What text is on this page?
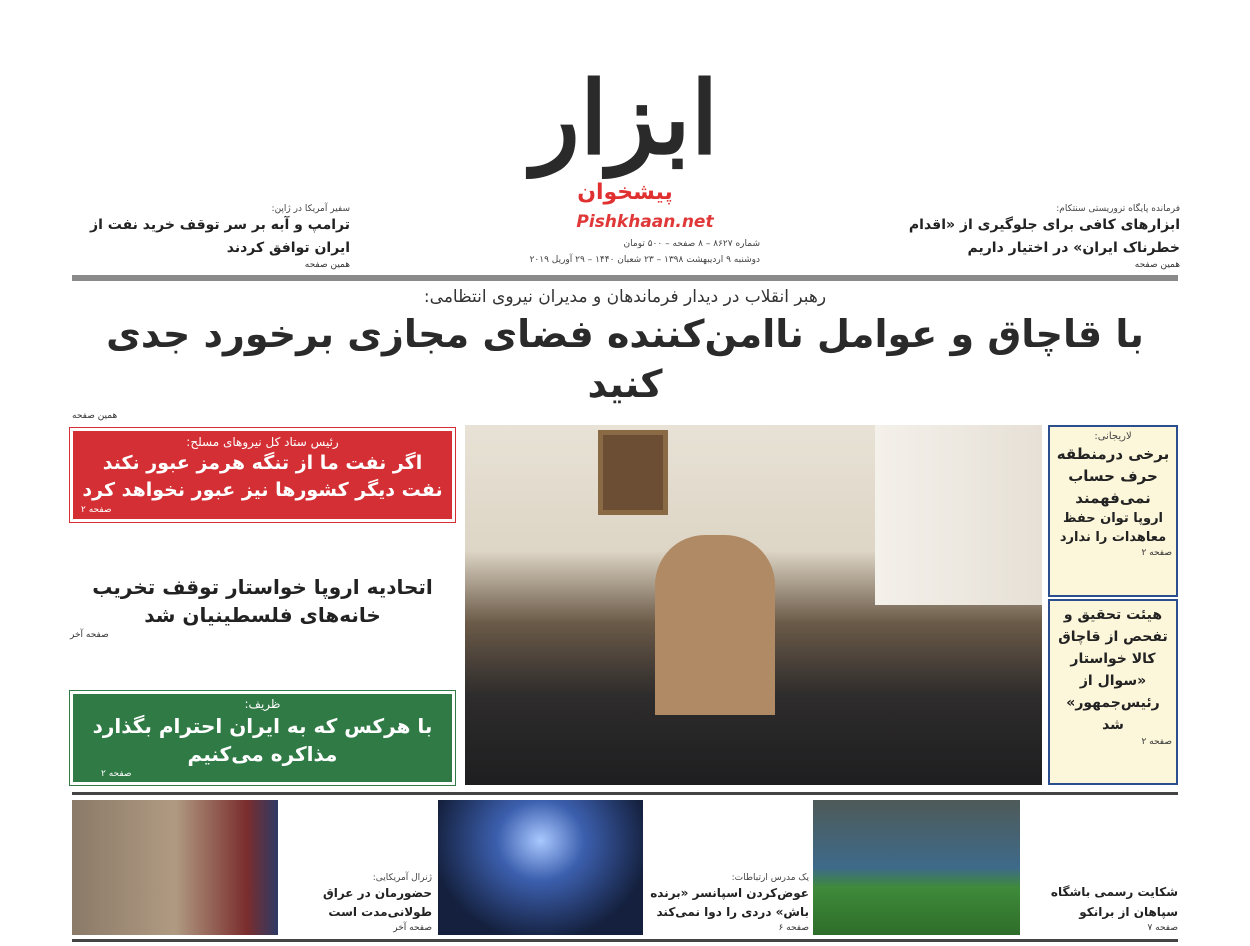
ابزار
پیشخوان
Pishkhaan.net
شماره ۸۶۲۷ – ۸ صفحه – ۵۰۰ تومان
دوشنبه ۹ اردیبهشت ۱۳۹۸ – ۲۳ شعبان ۱۴۴۰ – ۲۹ آوریل ۲۰۱۹
فرمانده پایگاه تروریستی سنتکام:
ابزارهای کافی برای جلوگیری از «اقدام خطرناک ایران» در اختیار داریم
همین صفحه
سفیر آمریکا در ژاپن:
ترامپ و آبه بر سر توقف خرید نفت از ایران توافق کردند
همین صفحه
رهبر انقلاب در دیدار فرماندهان و مدیران نیروی انتظامی:
با قاچاق و عوامل ناامن‌کننده فضای مجازی برخورد جدی کنید
همین صفحه
رئیس ستاد کل نیروهای مسلح:
اگر نفت ما از تنگه هرمز عبور نکند نفت دیگر کشورها نیز عبور نخواهد کرد
صفحه ۲
اتحادیه اروپا خواستار توقف تخریب خانه‌های فلسطینیان شد
صفحه آخر
ظریف:
با هرکس که به ایران احترام بگذارد مذاکره می‌کنیم
صفحه ۲
لاریجانی:
برخی درمنطقه حرف حساب نمی‌فهمند
اروپا توان حفظ معاهدات را ندارد
صفحه ۲
هیئت تحقیق و تفحص از قاچاق کالا خواستار «سوال از رئیس‌جمهور» شد
صفحه ۲
ژنرال آمریکایی:
حضورمان در عراق طولانی‌مدت است
صفحه آخر
یک مدرس ارتباطات:
عوض‌کردن اسپانسر «برنده باش» دردی را دوا نمی‌کند
صفحه ۶
شکایت رسمی باشگاه سپاهان از برانکو
صفحه ۷
